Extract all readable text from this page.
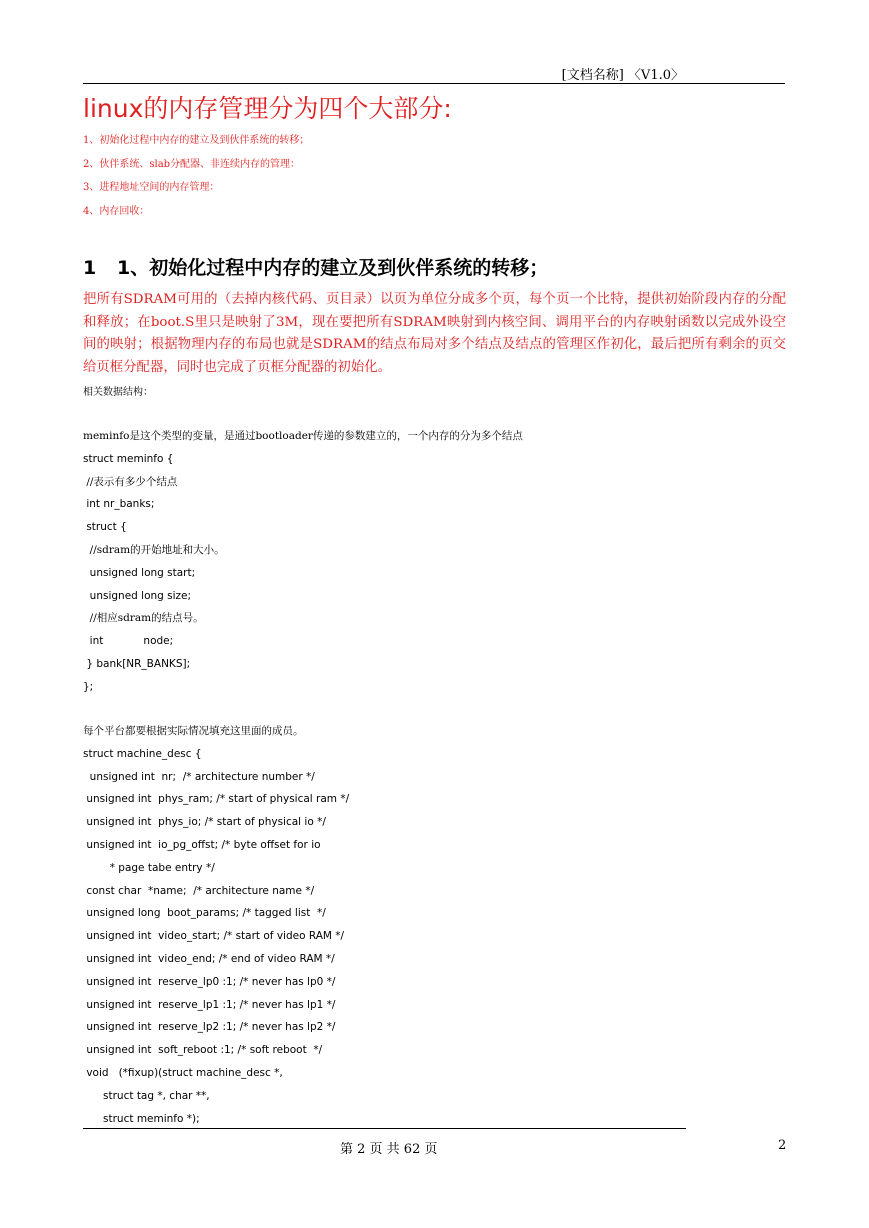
[文档名称] 〈V1.0〉
linux的内存管理分为四个大部分:
1、初始化过程中内存的建立及到伙伴系统的转移；
2、伙伴系统、slab分配器、非连续内存的管理：
3、进程地址空间的内存管理：
4、内存回收：
1 1、初始化过程中内存的建立及到伙伴系统的转移；

把所有SDRAM可用的（去掉内核代码、页目录）以页为单位分成多个页，每个页一个比特，提供初始阶段内存的分配和释放；在boot.S里只是映射了3M，现在要把所有SDRAM映射到内核空间、调用平台的内存映射函数以完成外设空间的映射；根据物理内存的布局也就是SDRAM的结点布局对多个结点及结点的管理区作初化，最后把所有剩余的页交给页框分配器，同时也完成了页框分配器的初始化。

相关数据结构：
meminfo是这个类型的变量，是通过bootloader传递的参数建立的，一个内存的分为多个结点
struct meminfo {
//表示有多少个结点
int nr_banks;
struct {
//sdram的开始地址和大小。
unsigned long start;
unsigned long size;
//相应sdram的结点号。
int            node;
} bank[NR_BANKS];
};
每个平台都要根据实际情况填充这里面的成员。
struct machine_desc {
unsigned int  nr;  /* architecture number */
unsigned int  phys_ram; /* start of physical ram */
unsigned int  phys_io; /* start of physical io */
unsigned int  io_pg_offst; /* byte offset for io
* page tabe entry */
const char  *name;  /* architecture name */
unsigned long  boot_params; /* tagged list  */
unsigned int  video_start; /* start of video RAM */
unsigned int  video_end; /* end of video RAM */
unsigned int  reserve_lp0 :1; /* never has lp0 */
unsigned int  reserve_lp1 :1; /* never has lp1 */
unsigned int  reserve_lp2 :1; /* never has lp2 */
unsigned int  soft_reboot :1; /* soft reboot  */
void   (*fixup)(struct machine_desc *,
struct tag *, char **,
struct meminfo *);
第 2 页 共 62 页	2
